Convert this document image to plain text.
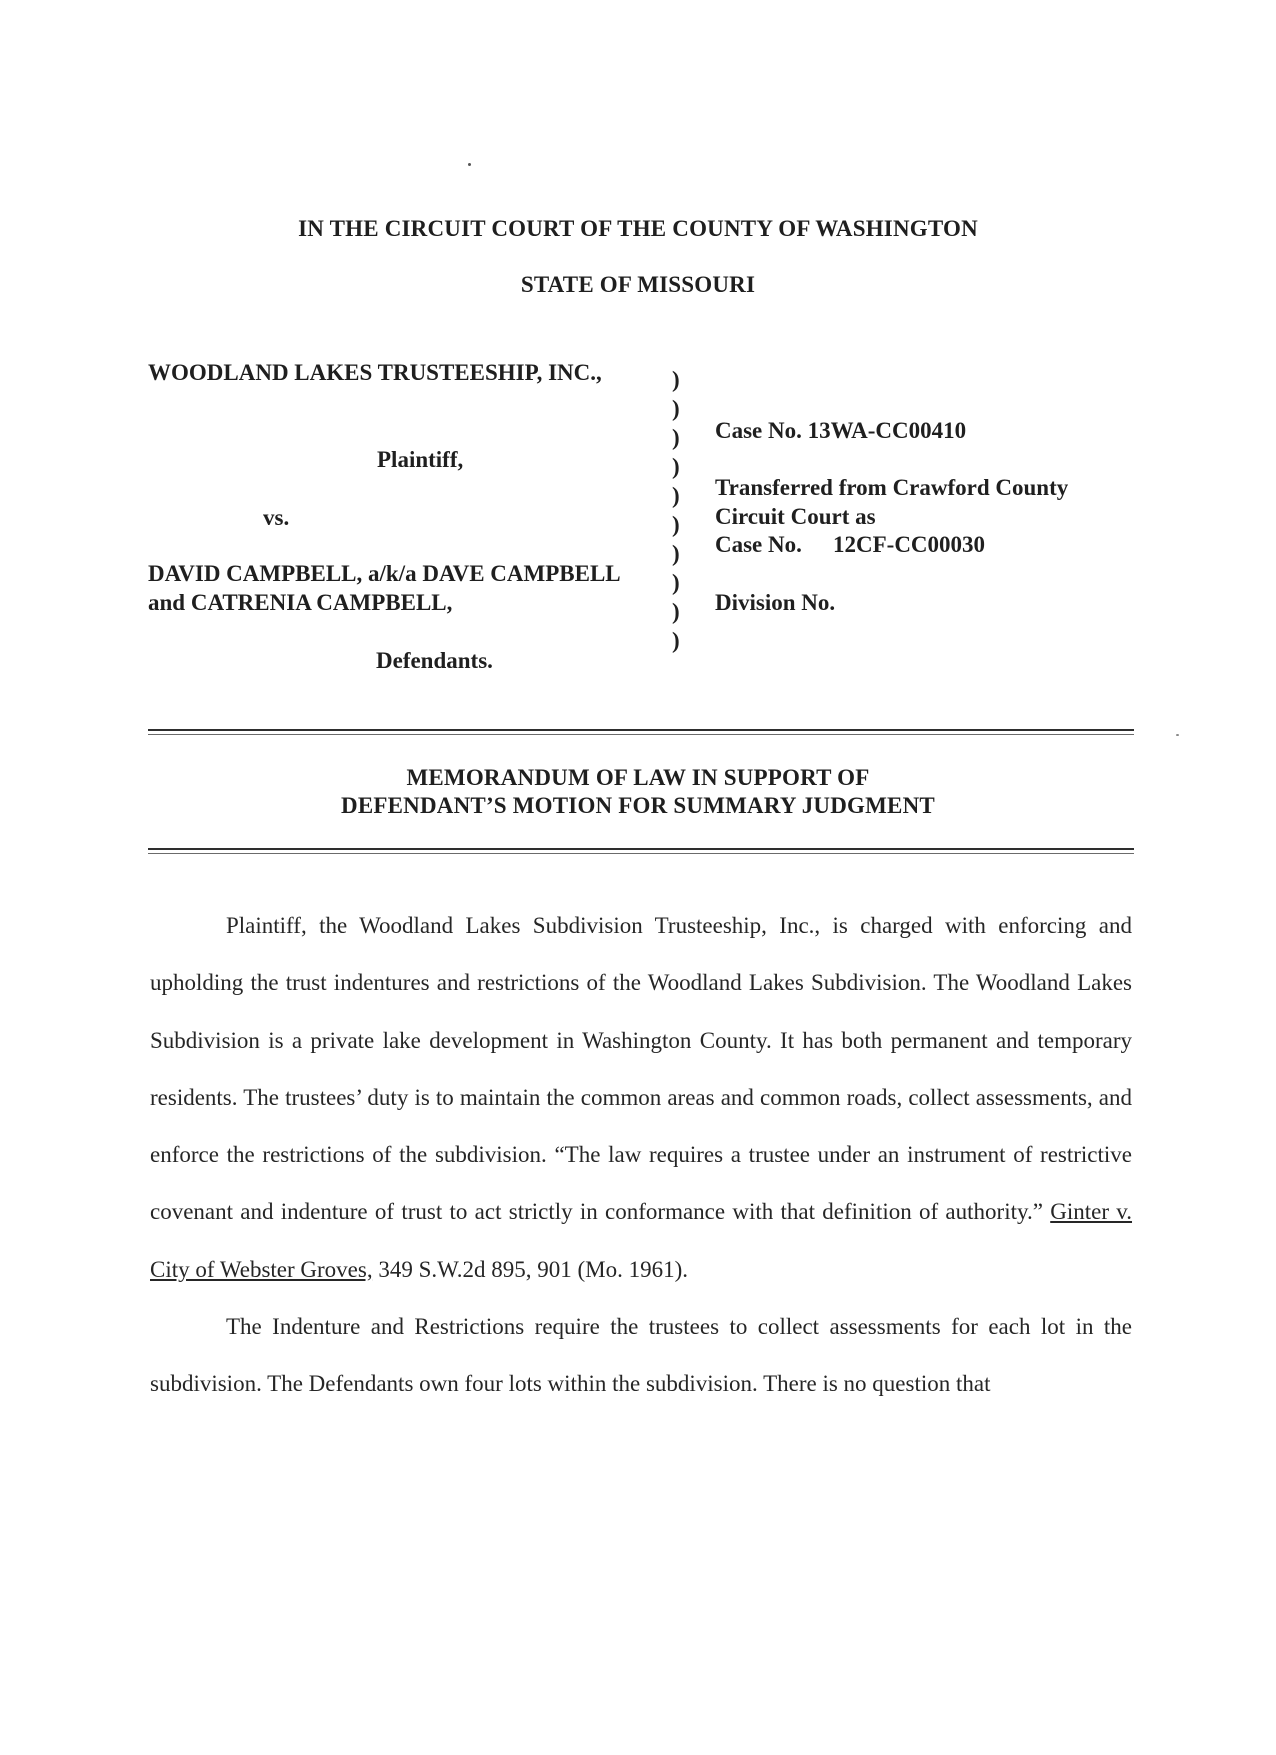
IN THE CIRCUIT COURT OF THE COUNTY OF WASHINGTON
STATE OF MISSOURI
WOODLAND LAKES TRUSTEESHIP, INC.,
Plaintiff,
vs.
DAVID CAMPBELL, a/k/a DAVE CAMPBELL
and CATRENIA CAMPBELL,
Defendants.
)
)
)
)
)
)
)
)
)
)
Case No. 13WA-CC00410
Transferred from Crawford County
Circuit Court as
Case No. 12CF-CC00030
Division No.
MEMORANDUM OF LAW IN SUPPORT OF
DEFENDANT’S MOTION FOR SUMMARY JUDGMENT

Plaintiff, the Woodland Lakes Subdivision Trusteeship, Inc., is charged with enforcing and upholding the trust indentures and restrictions of the Woodland Lakes Subdivision. The Woodland Lakes Subdivision is a private lake development in Washington County. It has both permanent and temporary residents. The trustees’ duty is to maintain the common areas and common roads, collect assessments, and enforce the restrictions of the subdivision. “The law requires a trustee under an instrument of restrictive covenant and indenture of trust to act strictly in conformance with that definition of authority.” Ginter v. City of Webster Groves, 349 S.W.2d 895, 901 (Mo. 1961).

The Indenture and Restrictions require the trustees to collect assessments for each lot in the subdivision. The Defendants own four lots within the subdivision. There is no question that
